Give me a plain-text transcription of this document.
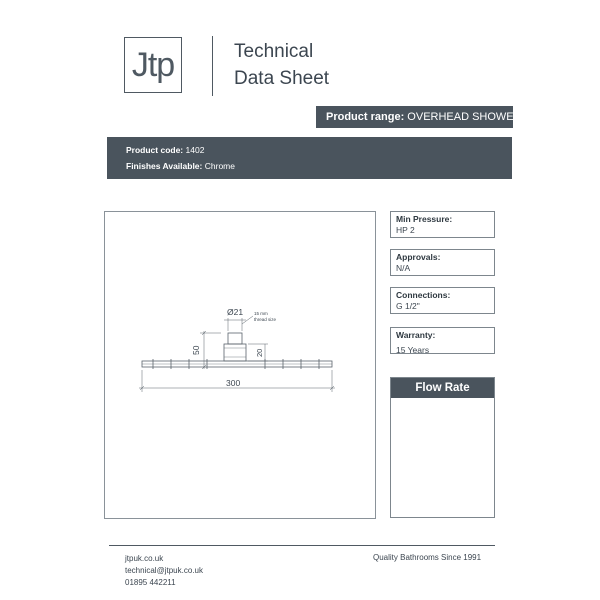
Jtp	Technical
Data Sheet
Product range: OVERHEAD SHOWER
Product code: 1402
Finishes Available: Chrome
Ø21 15 mm
thread size
50	20
300
Min Pressure:
HP 2
Approvals:
N/A
Connections:
G 1/2"
Warranty:
15 Years
Flow Rate
jtpuk.co.uk
technical@jtpuk.co.uk
01895 442211
Quality Bathrooms Since 1991
